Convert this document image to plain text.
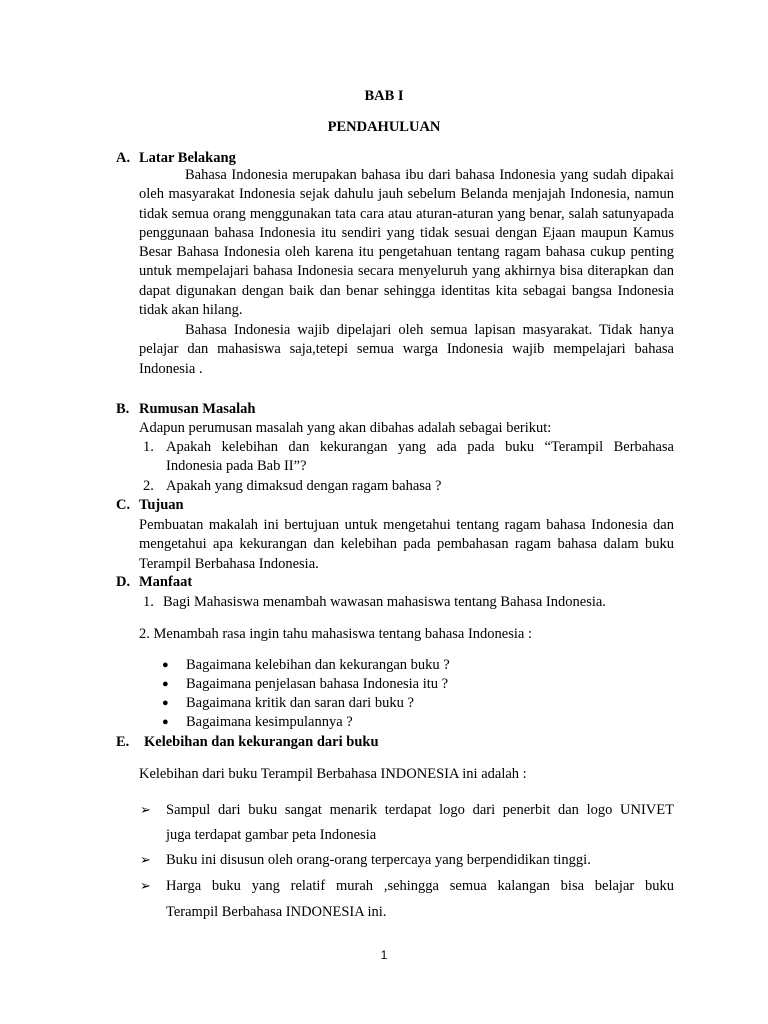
BAB I
PENDAHULUAN
A. Latar Belakang
Bahasa Indonesia merupakan bahasa ibu dari bahasa Indonesia yang sudah dipakai oleh masyarakat Indonesia sejak dahulu jauh sebelum Belanda menjajah Indonesia, namun tidak semua orang menggunakan tata cara atau aturan-aturan yang benar, salah satunyapada penggunaan bahasa Indonesia itu sendiri yang tidak sesuai dengan Ejaan maupun Kamus Besar Bahasa Indonesia oleh karena itu pengetahuan tentang ragam bahasa cukup penting untuk mempelajari bahasa Indonesia secara menyeluruh yang akhirnya bisa diterapkan dan dapat digunakan dengan baik dan benar sehingga identitas kita sebagai bangsa Indonesia tidak akan hilang.
Bahasa Indonesia wajib dipelajari oleh semua lapisan masyarakat. Tidak hanya pelajar dan mahasiswa saja,tetepi semua warga Indonesia wajib mempelajari bahasa Indonesia .
B. Rumusan Masalah
Adapun perumusan masalah yang akan dibahas adalah sebagai berikut:
1. Apakah kelebihan dan kekurangan yang ada pada buku “Terampil Berbahasa
Indonesia pada Bab II”?
2. Apakah yang dimaksud dengan ragam bahasa ?
C. Tujuan
Pembuatan makalah ini bertujuan untuk mengetahui tentang ragam bahasa Indonesia dan mengetahui apa kekurangan dan kelebihan pada pembahasan ragam bahasa dalam buku Terampil Berbahasa Indonesia.
D. Manfaat
1. Bagi Mahasiswa menambah wawasan mahasiswa tentang Bahasa Indonesia.
2. Menambah rasa ingin tahu mahasiswa tentang bahasa Indonesia :
● Bagaimana kelebihan dan kekurangan buku ?
● Bagaimana penjelasan bahasa Indonesia itu ?
● Bagaimana kritik dan saran dari buku ?
● Bagaimana kesimpulannya ?
E. Kelebihan dan kekurangan dari buku
Kelebihan dari buku Terampil Berbahasa INDONESIA ini adalah :
➢ Sampul dari buku sangat menarik terdapat logo dari penerbit dan logo UNIVET
juga terdapat gambar peta Indonesia
➢ Buku ini disusun oleh orang-orang terpercaya yang berpendidikan tinggi.
➢ Harga buku yang relatif murah ,sehingga semua kalangan bisa belajar buku
Terampil Berbahasa INDONESIA ini.
1
